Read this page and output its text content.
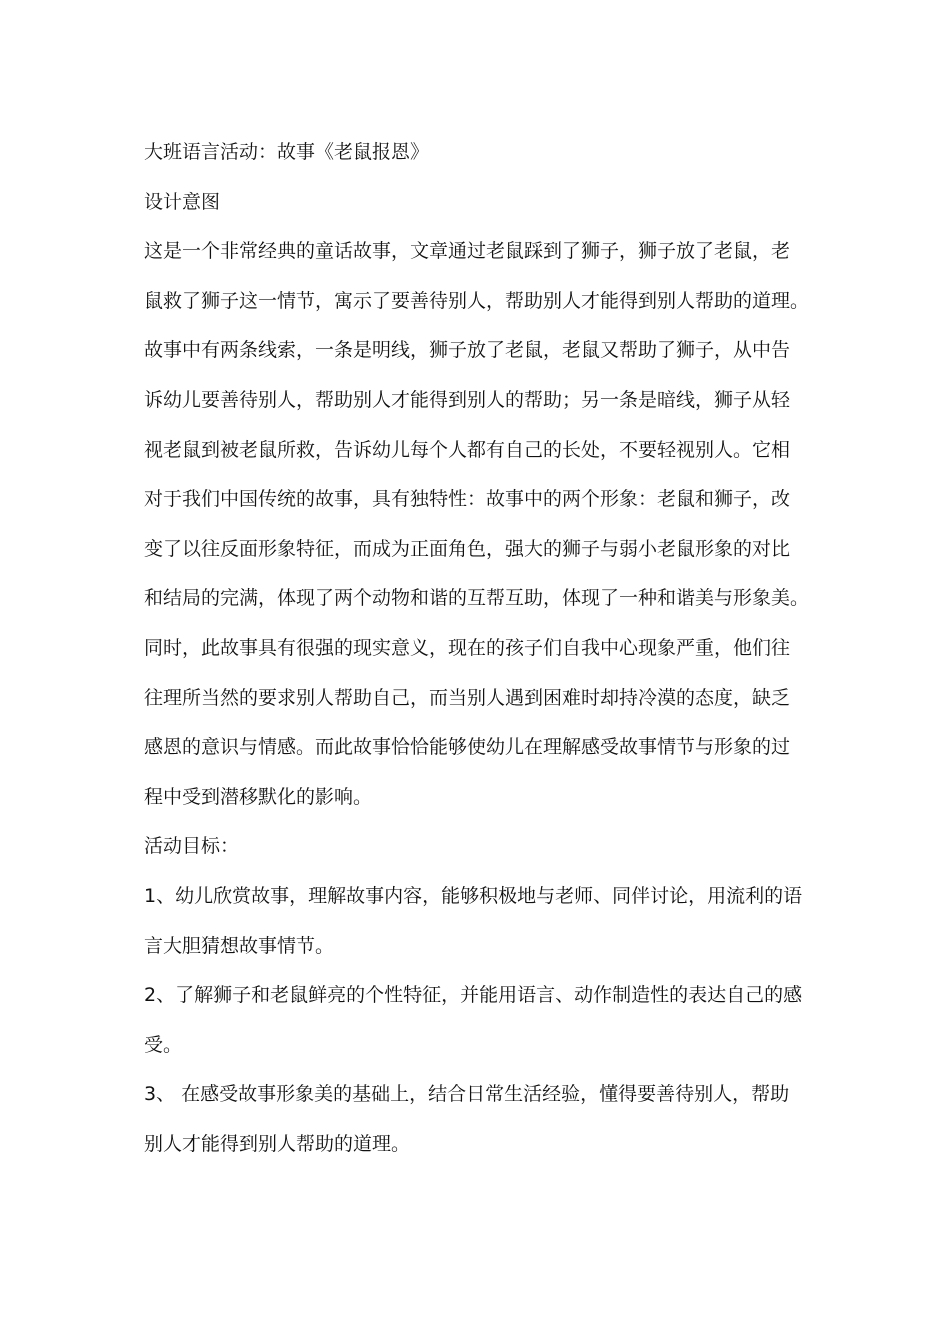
大班语言活动：故事《老鼠报恩》
设计意图
这是一个非常经典的童话故事，文章通过老鼠踩到了狮子，狮子放了老鼠，老
鼠救了狮子这一情节，寓示了要善待别人，帮助别人才能得到别人帮助的道理。
故事中有两条线索，一条是明线，狮子放了老鼠，老鼠又帮助了狮子，从中告
诉幼儿要善待别人，帮助别人才能得到别人的帮助；另一条是暗线，狮子从轻
视老鼠到被老鼠所救，告诉幼儿每个人都有自己的长处，不要轻视别人。它相
对于我们中国传统的故事，具有独特性：故事中的两个形象：老鼠和狮子，改
变了以往反面形象特征，而成为正面角色，强大的狮子与弱小老鼠形象的对比
和结局的完满，体现了两个动物和谐的互帮互助，体现了一种和谐美与形象美。
同时，此故事具有很强的现实意义，现在的孩子们自我中心现象严重，他们往
往理所当然的要求别人帮助自己，而当别人遇到困难时却持冷漠的态度，缺乏
感恩的意识与情感。而此故事恰恰能够使幼儿在理解感受故事情节与形象的过
程中受到潜移默化的影响。
活动目标：
1、幼儿欣赏故事，理解故事内容，能够积极地与老师、同伴讨论，用流利的语
言大胆猜想故事情节。
2、了解狮子和老鼠鲜亮的个性特征，并能用语言、动作制造性的表达自己的感
受。
3、 在感受故事形象美的基础上，结合日常生活经验，懂得要善待别人，帮助
别人才能得到别人帮助的道理。
